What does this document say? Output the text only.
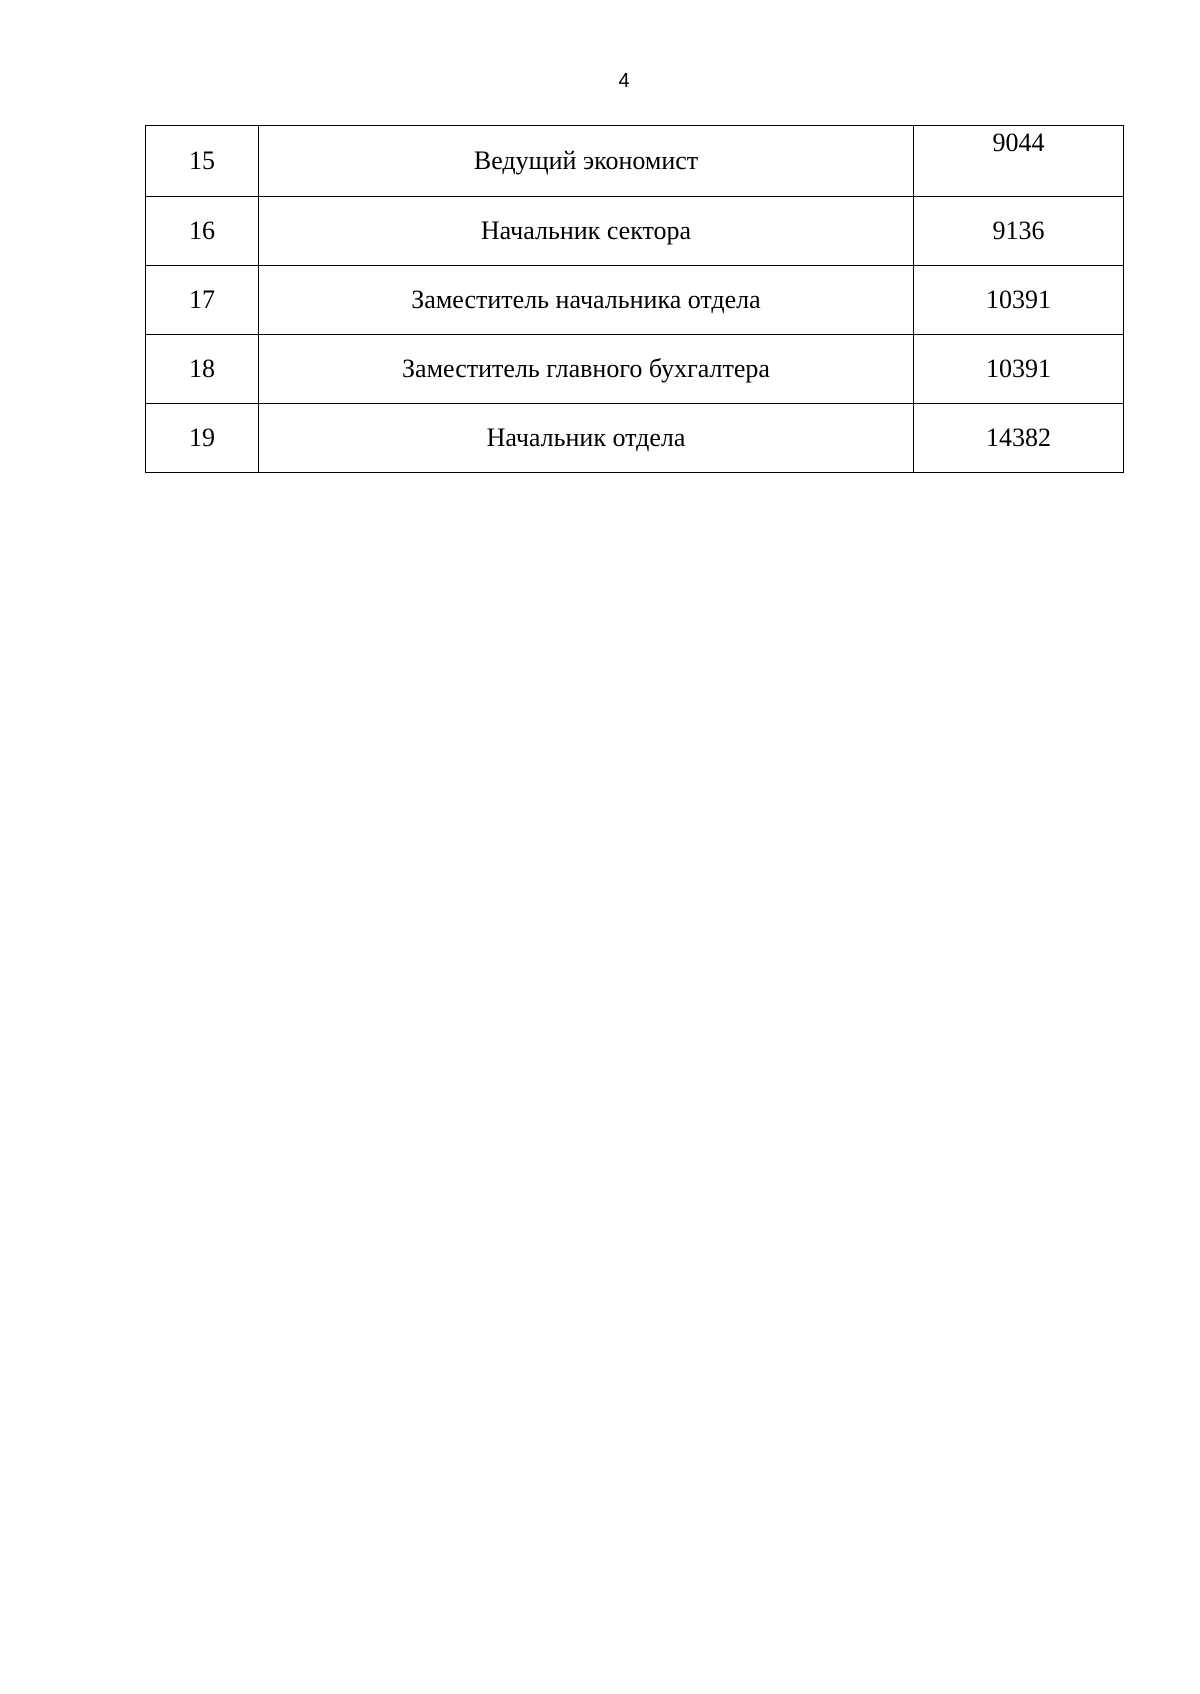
4
15	Ведущий экономист	9044
16	Начальник сектора	9136
17	Заместитель начальника отдела	10391
18	Заместитель главного бухгалтера	10391
19	Начальник отдела	14382
